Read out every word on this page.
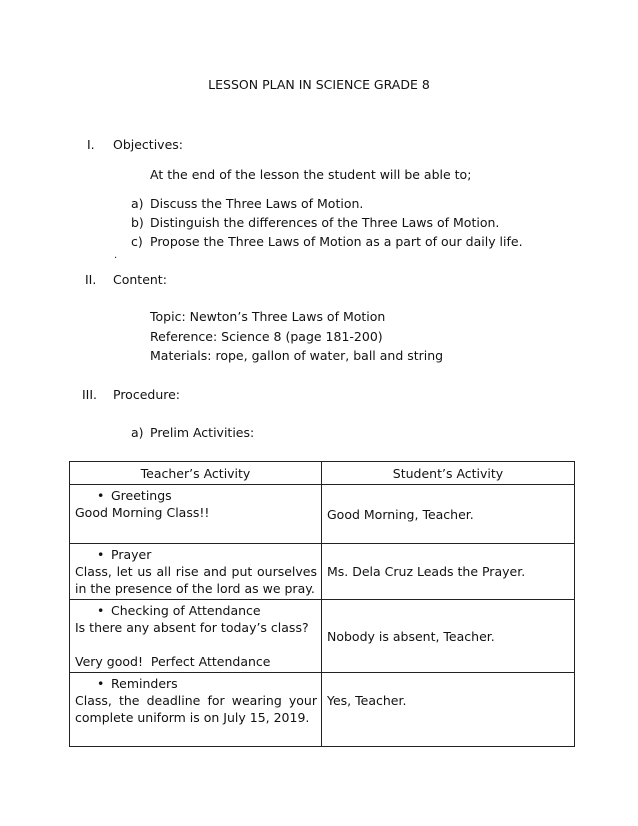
LESSON PLAN IN SCIENCE GRADE 8
I. Objectives:
At the end of the lesson the student will be able to;
a) Discuss the Three Laws of Motion.
b) Distinguish the differences of the Three Laws of Motion.
c) Propose the Three Laws of Motion as a part of our daily life.
.
II. Content:
Topic: Newton’s Three Laws of Motion
Reference: Science 8 (page 181-200)
Materials: rope, gallon of water, ball and string
III. Procedure:
a) Prelim Activities:
Teacher’s Activity	Student’s Activity

• Greetings
Good Morning Class!!	Good Morning, Teacher.

• Prayer
Class, let us all rise and put ourselves in the presence of the lord as we pray.	Ms. Dela Cruz Leads the Prayer.

• Checking of Attendance
Is there any absent for today’s class?
Very good!  Perfect Attendance	Nobody is absent, Teacher.

• Reminders
Class, the deadline for wearing your complete uniform is on July 15, 2019.	Yes, Teacher.
